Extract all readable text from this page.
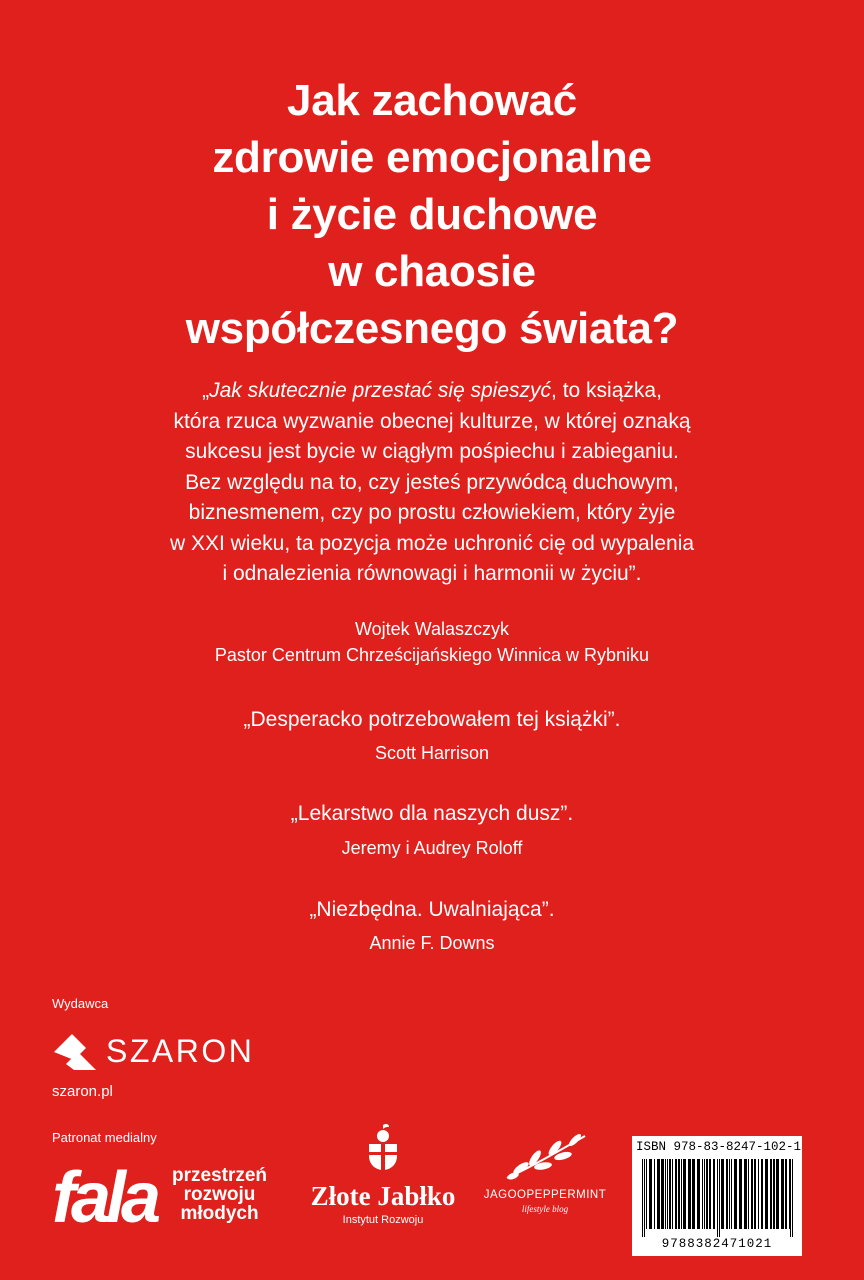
Jak zachować
zdrowie emocjonalne
i życie duchowe
w chaosie
współczesnego świata?
„Jak skutecznie przestać się spieszyć, to książka,
która rzuca wyzwanie obecnej kulturze, w której oznaką
sukcesu jest bycie w ciągłym pośpiechu i zabieganiu.
Bez względu na to, czy jesteś przywódcą duchowym,
biznesmenem, czy po prostu człowiekiem, który żyje
w XXI wieku, ta pozycja może uchronić cię od wypalenia
i odnalezienia równowagi i harmonii w życiu”.
Wojtek Walaszczyk
Pastor Centrum Chrześcijańskiego Winnica w Rybniku
„Desperacko potrzebowałem tej książki”.
Scott Harrison
„Lekarstwo dla naszych dusz”.
Jeremy i Audrey Roloff
„Niezbędna. Uwalniająca”.
Annie F. Downs
Wydawca
SZARON
szaron.pl
Patronat medialny
fala przestrzeń
rozwoju
młodych
Złote Jabłko
Instytut Rozwoju
JAGOOPEPPERMINT
lifestyle blog
ISBN 978-83-8247-102-1
9788382471021
